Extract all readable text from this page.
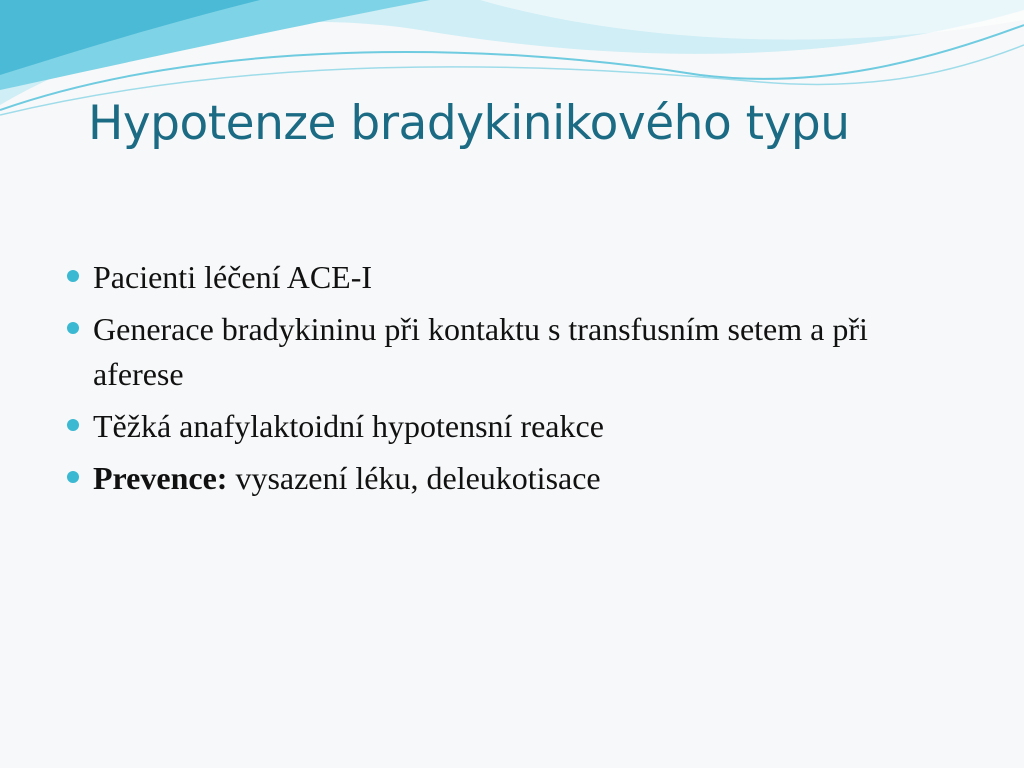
Hypotenze bradykinikového typu
Pacienti léčení ACE-I
Generace bradykininu při kontaktu s transfusním setem a při aferese
Těžká anafylaktoidní hypotensní reakce
Prevence: vysazení léku, deleukotisace
